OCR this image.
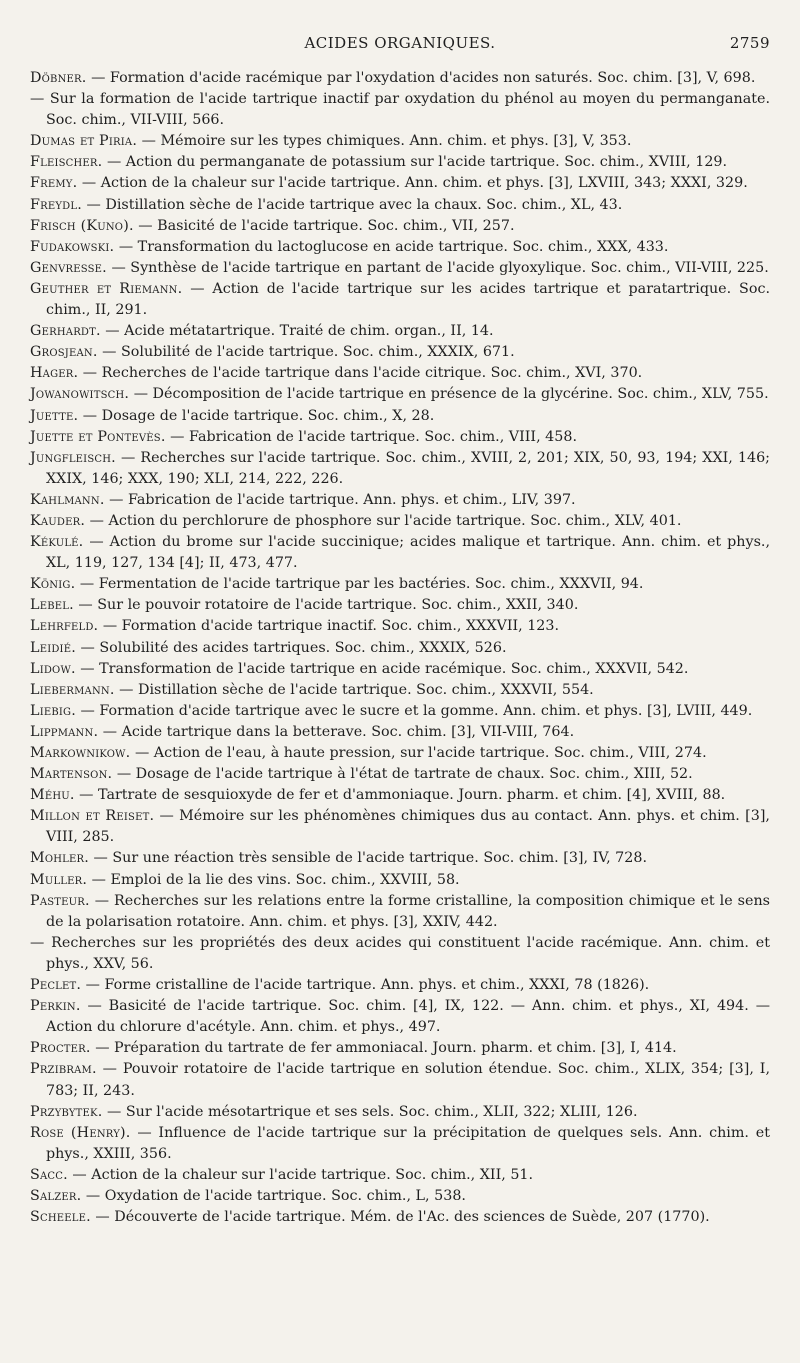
ACIDES ORGANIQUES.	2759
Döbner. — Formation d'acide racémique par l'oxydation d'acides non saturés. Soc. chim. [3], V, 698.
— Sur la formation de l'acide tartrique inactif par oxydation du phénol au moyen du permanganate. Soc. chim., VII-VIII, 566.
Dumas et Piria. — Mémoire sur les types chimiques. Ann. chim. et phys. [3], V, 353.
Fleischer. — Action du permanganate de potassium sur l'acide tartrique. Soc. chim., XVIII, 129.
Fremy. — Action de la chaleur sur l'acide tartrique. Ann. chim. et phys. [3], LXVIII, 343; XXXI, 329.
Freydl. — Distillation sèche de l'acide tartrique avec la chaux. Soc. chim., XL, 43.
Frisch (Kuno). — Basicité de l'acide tartrique. Soc. chim., VII, 257.
Fudakowski. — Transformation du lactoglucose en acide tartrique. Soc. chim., XXX, 433.
Genvresse. — Synthèse de l'acide tartrique en partant de l'acide glyoxylique. Soc. chim., VII-VIII, 225.
Geuther et Riemann. — Action de l'acide tartrique sur les acides tartrique et paratartrique. Soc. chim., II, 291.
Gerhardt. — Acide métatartrique. Traité de chim. organ., II, 14.
Grosjean. — Solubilité de l'acide tartrique. Soc. chim., XXXIX, 671.
Hager. — Recherches de l'acide tartrique dans l'acide citrique. Soc. chim., XVI, 370.
Jowanowitsch. — Décomposition de l'acide tartrique en présence de la glycérine. Soc. chim., XLV, 755.
Juette. — Dosage de l'acide tartrique. Soc. chim., X, 28.
Juette et Pontevès. — Fabrication de l'acide tartrique. Soc. chim., VIII, 458.
Jungfleisch. — Recherches sur l'acide tartrique. Soc. chim., XVIII, 2, 201; XIX, 50, 93, 194; XXI, 146; XXIX, 146; XXX, 190; XLI, 214, 222, 226.
Kahlmann. — Fabrication de l'acide tartrique. Ann. phys. et chim., LIV, 397.
Kauder. — Action du perchlorure de phosphore sur l'acide tartrique. Soc. chim., XLV, 401.
Kékulé. — Action du brome sur l'acide succinique; acides malique et tartrique. Ann. chim. et phys., XL, 119, 127, 134 [4]; II, 473, 477.
König. — Fermentation de l'acide tartrique par les bactéries. Soc. chim., XXXVII, 94.
Lebel. — Sur le pouvoir rotatoire de l'acide tartrique. Soc. chim., XXII, 340.
Lehrfeld. — Formation d'acide tartrique inactif. Soc. chim., XXXVII, 123.
Leidié. — Solubilité des acides tartriques. Soc. chim., XXXIX, 526.
Lidow. — Transformation de l'acide tartrique en acide racémique. Soc. chim., XXXVII, 542.
Liebermann. — Distillation sèche de l'acide tartrique. Soc. chim., XXXVII, 554.
Liebig. — Formation d'acide tartrique avec le sucre et la gomme. Ann. chim. et phys. [3], LVIII, 449.
Lippmann. — Acide tartrique dans la betterave. Soc. chim. [3], VII-VIII, 764.
Markownikow. — Action de l'eau, à haute pression, sur l'acide tartrique. Soc. chim., VIII, 274.
Martenson. — Dosage de l'acide tartrique à l'état de tartrate de chaux. Soc. chim., XIII, 52.
Méhu. — Tartrate de sesquioxyde de fer et d'ammoniaque. Journ. pharm. et chim. [4], XVIII, 88.
Millon et Reiset. — Mémoire sur les phénomènes chimiques dus au contact. Ann. phys. et chim. [3], VIII, 285.
Mohler. — Sur une réaction très sensible de l'acide tartrique. Soc. chim. [3], IV, 728.
Muller. — Emploi de la lie des vins. Soc. chim., XXVIII, 58.
Pasteur. — Recherches sur les relations entre la forme cristalline, la composition chimique et le sens de la polarisation rotatoire. Ann. chim. et phys. [3], XXIV, 442.
— Recherches sur les propriétés des deux acides qui constituent l'acide racémique. Ann. chim. et phys., XXV, 56.
Peclet. — Forme cristalline de l'acide tartrique. Ann. phys. et chim., XXXI, 78 (1826).
Perkin. — Basicité de l'acide tartrique. Soc. chim. [4], IX, 122. — Ann. chim. et phys., XI, 494. — Action du chlorure d'acétyle. Ann. chim. et phys., 497.
Procter. — Préparation du tartrate de fer ammoniacal. Journ. pharm. et chim. [3], I, 414.
Przibram. — Pouvoir rotatoire de l'acide tartrique en solution étendue. Soc. chim., XLIX, 354; [3], I, 783; II, 243.
Przybytek. — Sur l'acide mésotartrique et ses sels. Soc. chim., XLII, 322; XLIII, 126.
Rose (Henry). — Influence de l'acide tartrique sur la précipitation de quelques sels. Ann. chim. et phys., XXIII, 356.
Sacc. — Action de la chaleur sur l'acide tartrique. Soc. chim., XII, 51.
Salzer. — Oxydation de l'acide tartrique. Soc. chim., L, 538.
Scheele. — Découverte de l'acide tartrique. Mém. de l'Ac. des sciences de Suède, 207 (1770).
